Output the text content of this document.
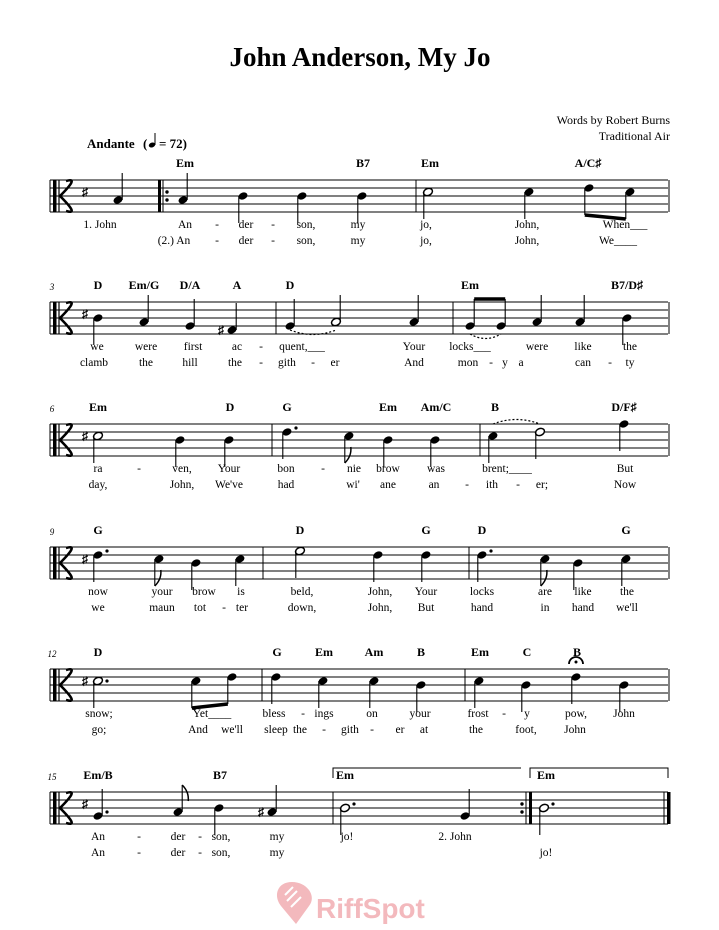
John Anderson, My Jo
Words by Robert Burns
Traditional Air
Andante ( = 72)
♯
Em	B7	Em	A/C♯
1. John	An - der - son,	my	jo,	John,	When___
(2.) An - der - son,	my	jo,	John,	We____
♯
3
♯
D Em/G D/A	A	D	Em	B7/D♯
we	were first	ac - quent,___	Your locks___	were like	the
clamb	the	hill	the - gith - er	And	mon - y a	can - ty
♯
6	Em	D	G	Em Am/C	B	D/F♯
ra	-	ven, Your	bon - nie brow was	brent;____	But
day,	John, We've	had	wi' ane	an - ith - er;	Now
♯
9	G	D	G	D	G
now	your brow is	beld,	John, Your	locks	are like the
we	maun tot - ter	down,	John, But	hand	in hand we'll
♯
12	D	G	Em	Am	B	Em	C	B
snow;	Yet____	bless - ings	on	your	frost - y	pow, John
go;	And we'll sleep the - gith - er at	the	foot, John
♯
15
♯
Em/B	B7	Em	Em
An	-	der - son,	my	jo!	2. John
An	-	der - son,	my	jo!
RiffSpot
